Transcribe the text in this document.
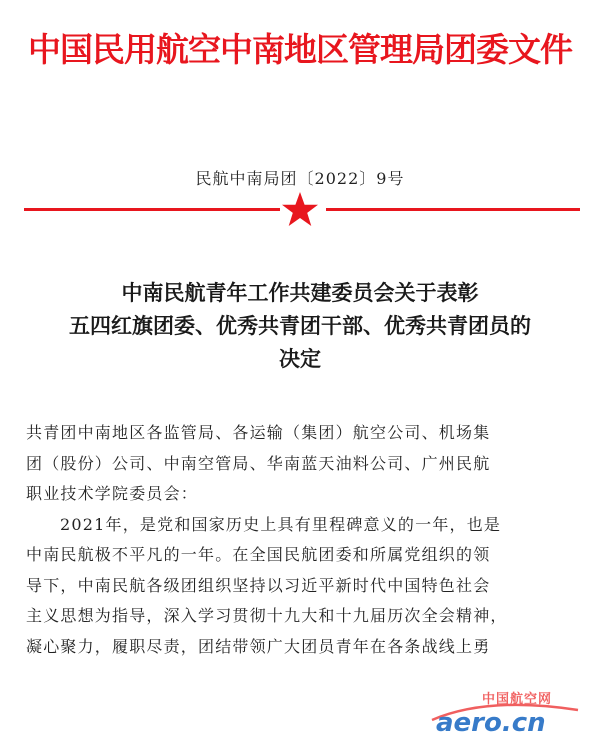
中国民用航空中南地区管理局团委文件
民航中南局团〔2022〕9号
中南民航青年工作共建委员会关于表彰
五四红旗团委、优秀共青团干部、优秀共青团员的
决定
共青团中南地区各监管局、各运输（集团）航空公司、机场集
团（股份）公司、中南空管局、华南蓝天油料公司、广州民航
职业技术学院委员会：
2021年，是党和国家历史上具有里程碑意义的一年，也是
中南民航极不平凡的一年。在全国民航团委和所属党组织的领
导下，中南民航各级团组织坚持以习近平新时代中国特色社会
主义思想为指导，深入学习贯彻十九大和十九届历次全会精神，
凝心聚力，履职尽责，团结带领广大团员青年在各条战线上勇
中国航空网
aero.cn
